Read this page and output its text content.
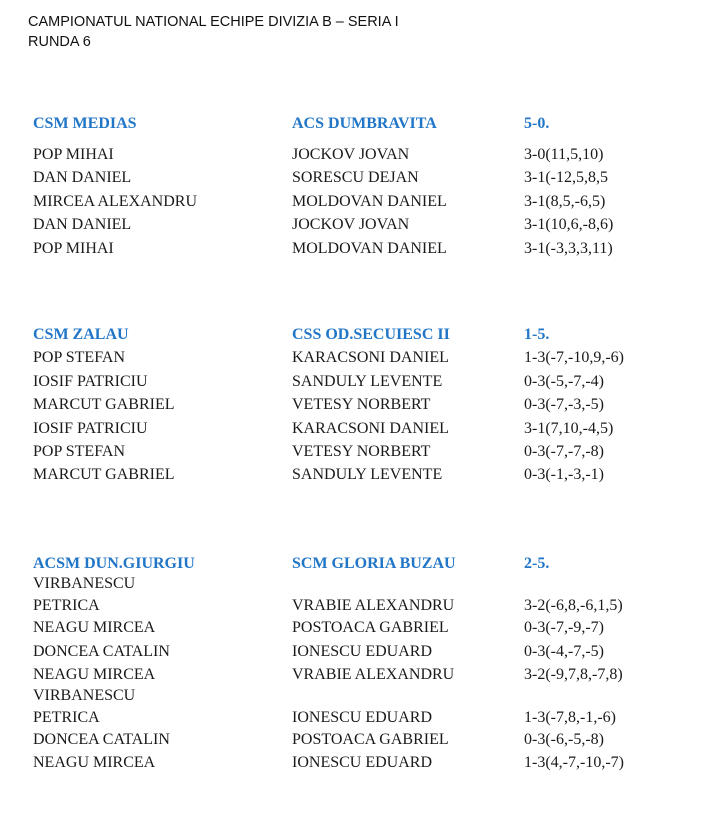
CAMPIONATUL NATIONAL ECHIPE DIVIZIA B – SERIA I
RUNDA 6
CSM MEDIAS	ACS DUMBRAVITA	5-0.
POP MIHAI	JOCKOV JOVAN	3-0(11,5,10)
DAN DANIEL	SORESCU DEJAN	3-1(-12,5,8,5
MIRCEA ALEXANDRU	MOLDOVAN DANIEL	3-1(8,5,-6,5)
DAN DANIEL	JOCKOV JOVAN	3-1(10,6,-8,6)
POP MIHAI	MOLDOVAN DANIEL	3-1(-3,3,3,11)
CSM ZALAU	CSS OD.SECUIESC II	1-5.
POP STEFAN	KARACSONI DANIEL	1-3(-7,-10,9,-6)
IOSIF PATRICIU	SANDULY LEVENTE	0-3(-5,-7,-4)
MARCUT GABRIEL	VETESY NORBERT	0-3(-7,-3,-5)
IOSIF PATRICIU	KARACSONI DANIEL	3-1(7,10,-4,5)
POP STEFAN	VETESY NORBERT	0-3(-7,-7,-8)
MARCUT GABRIEL	SANDULY LEVENTE	0-3(-1,-3,-1)
ACSM DUN.GIURGIU	SCM GLORIA BUZAU	2-5.
VIRBANESCU
PETRICA	VRABIE ALEXANDRU	3-2(-6,8,-6,1,5)
NEAGU MIRCEA	POSTOACA GABRIEL	0-3(-7,-9,-7)
DONCEA CATALIN	IONESCU EDUARD	0-3(-4,-7,-5)
NEAGU MIRCEA	VRABIE ALEXANDRU	3-2(-9,7,8,-7,8)
VIRBANESCU
PETRICA	IONESCU EDUARD	1-3(-7,8,-1,-6)
DONCEA CATALIN	POSTOACA GABRIEL	0-3(-6,-5,-8)
NEAGU MIRCEA	IONESCU EDUARD	1-3(4,-7,-10,-7)
